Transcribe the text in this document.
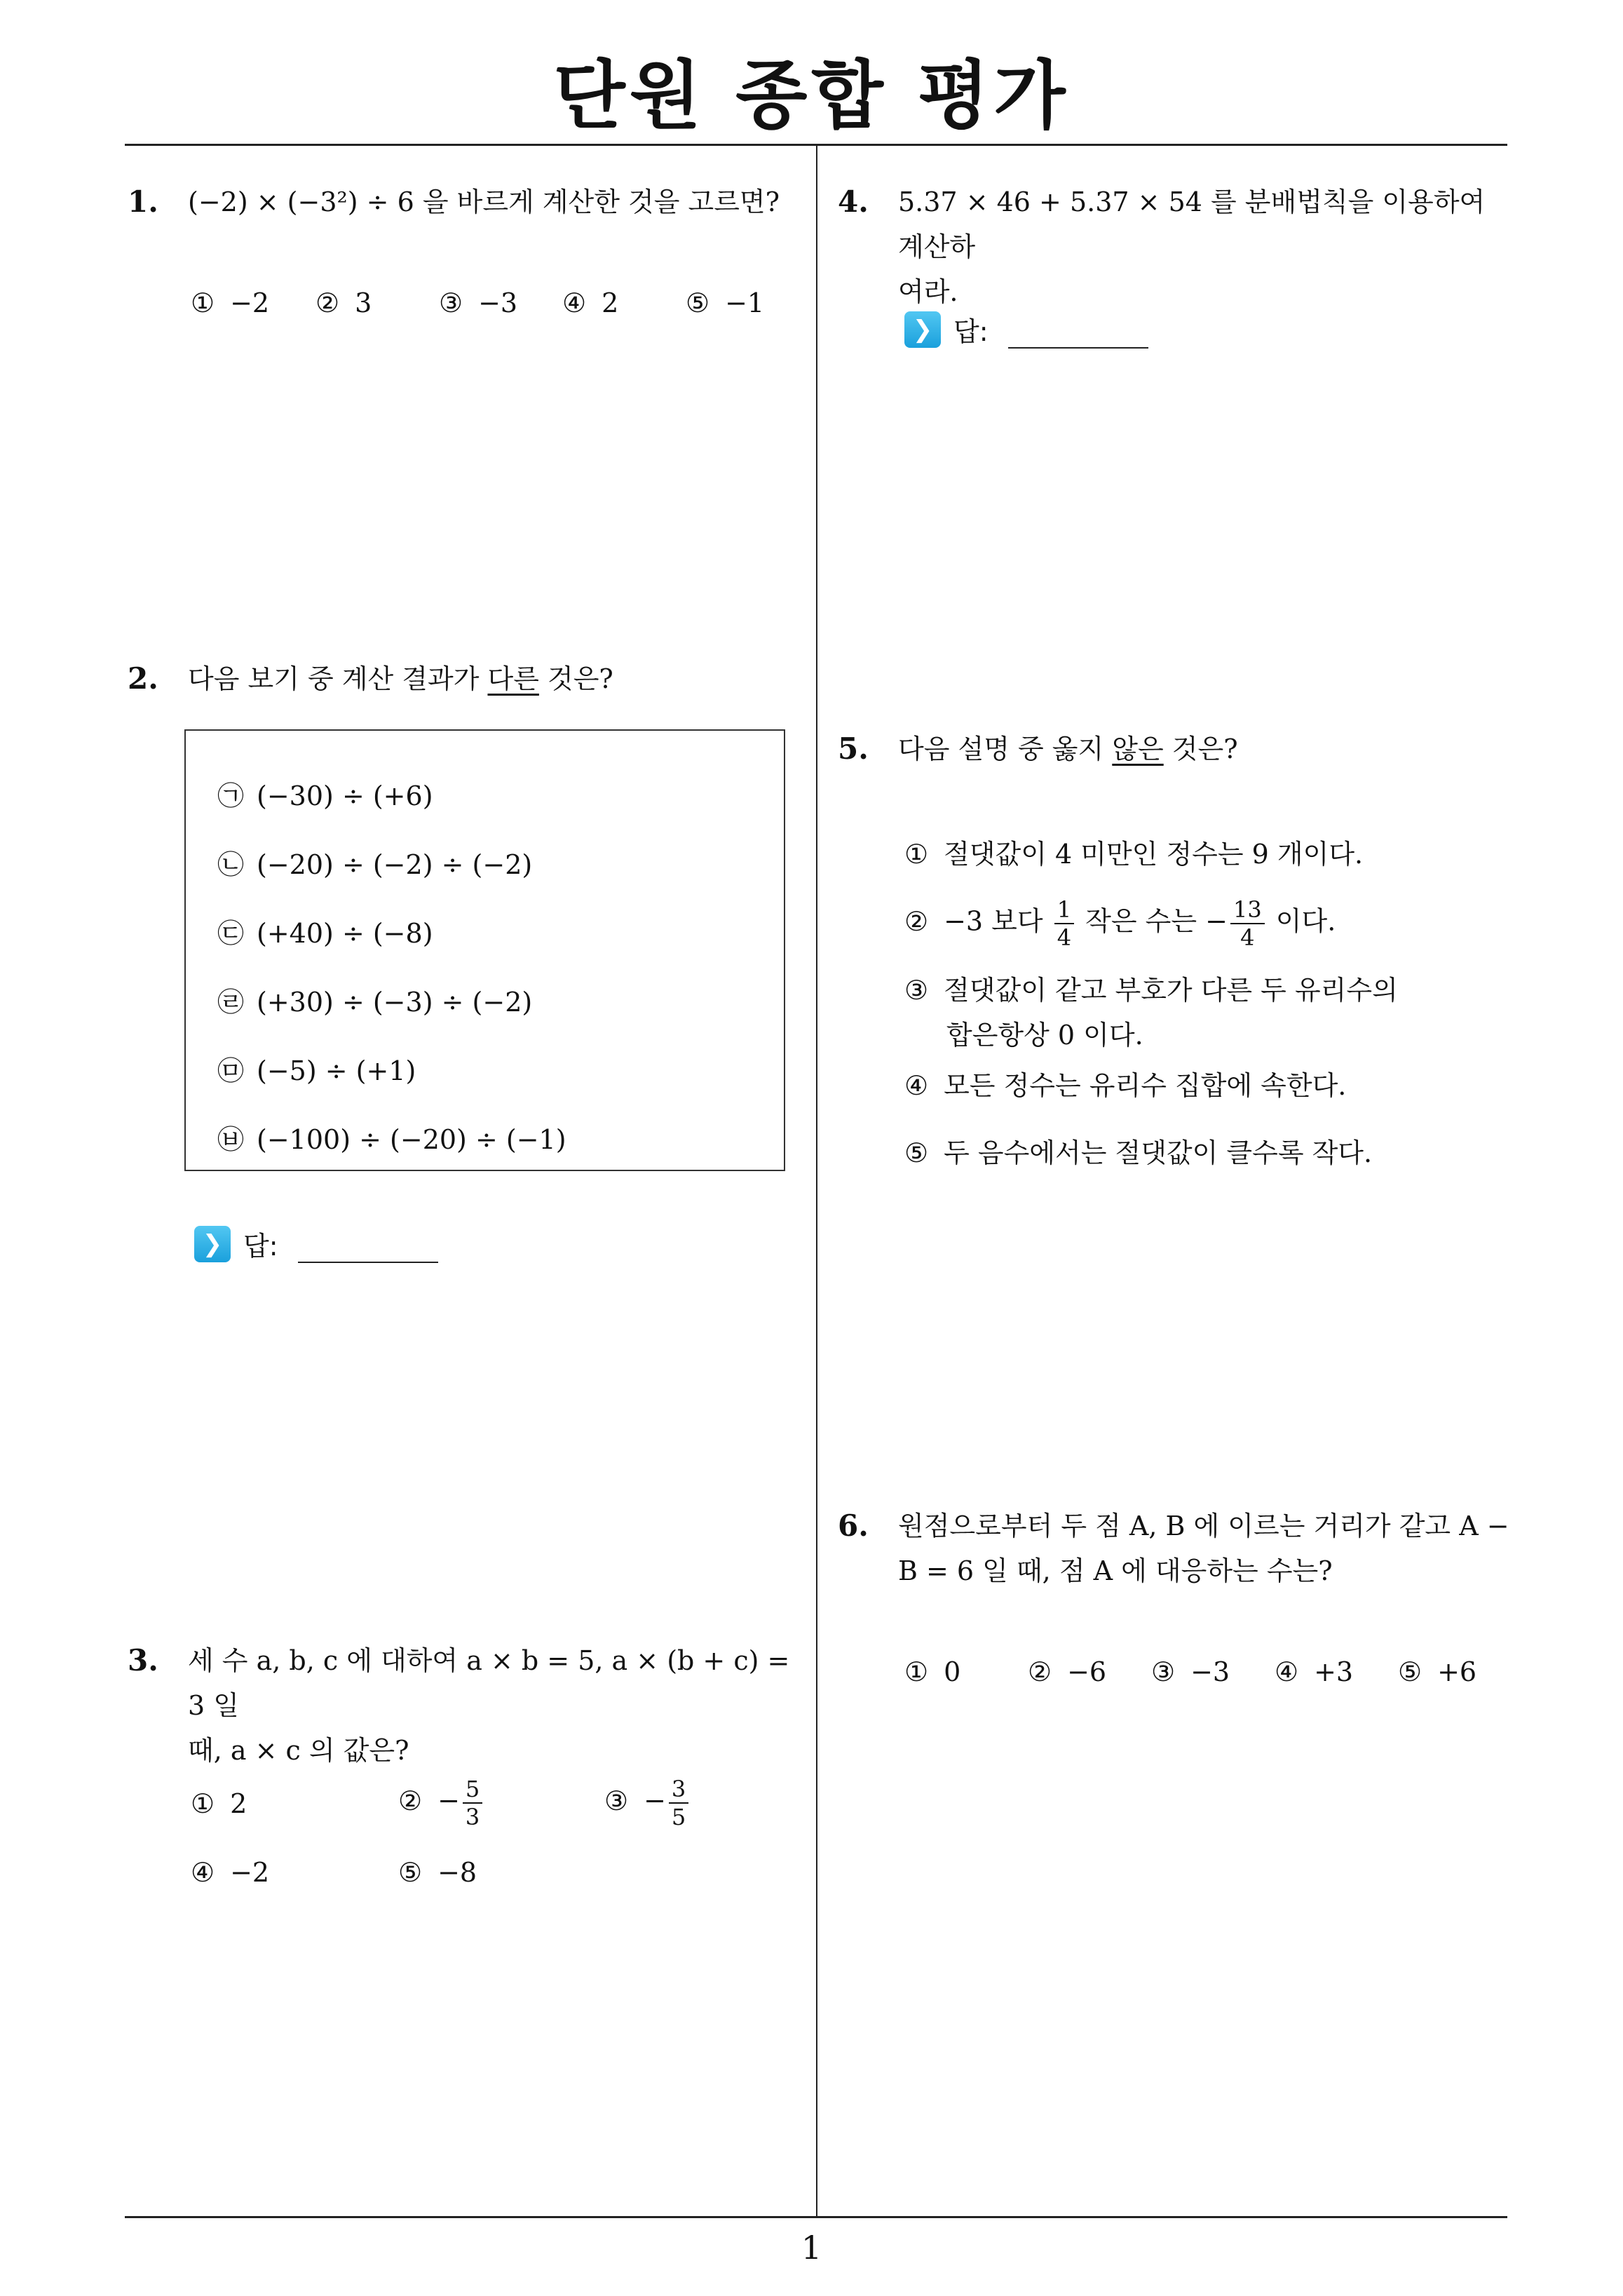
단원 종합 평가
1
1. (−2) × (−3²) ÷ 6 을 바르게 계산한 것을 고르면?
① −2 ② 3	③ −3 ④ 2	⑤ −1
2. 다음 보기 중 계산 결과가 다른 것은?
㉠ (−30) ÷ (+6)
㉡ (−20) ÷ (−2) ÷ (−2)
㉢ (+40) ÷ (−8)
㉣ (+30) ÷ (−3) ÷ (−2)
㉤ (−5) ÷ (+1)
㉥ (−100) ÷ (−20) ÷ (−1)
❯ 답:
3. 세 수 a, b, c 에 대하여 a × b = 5, a × (b + c) = 3 일
때, a × c 의 값은?
① 2	② − $\frac{5}{3}$	③ − $\frac{3}{5}$
④ −2	⑤ −8
4. 5.37 × 46 + 5.37 × 54 를 분배법칙을 이용하여 계산하
여라.
❯ 답:
5. 다음 설명 중 옳지 않은 것은?
① 절댓값이 4 미만인 정수는 9 개이다.
② −3 보다 $\frac{1}{4}$ 작은 수는 − $\frac{13}{4}$ 이다.
③ 절댓값이 같고 부호가 다른 두 유리수의
합은항상 0 이다.
④ 모든 정수는 유리수 집합에 속한다.
⑤ 두 음수에서는 절댓값이 클수록 작다.
6. 원점으로부터 두 점 A, B 에 이르는 거리가 같고 A −
B = 6 일 때, 점 A 에 대응하는 수는?
① 0	② −6 ③ −3 ④ +3 ⑤ +6
